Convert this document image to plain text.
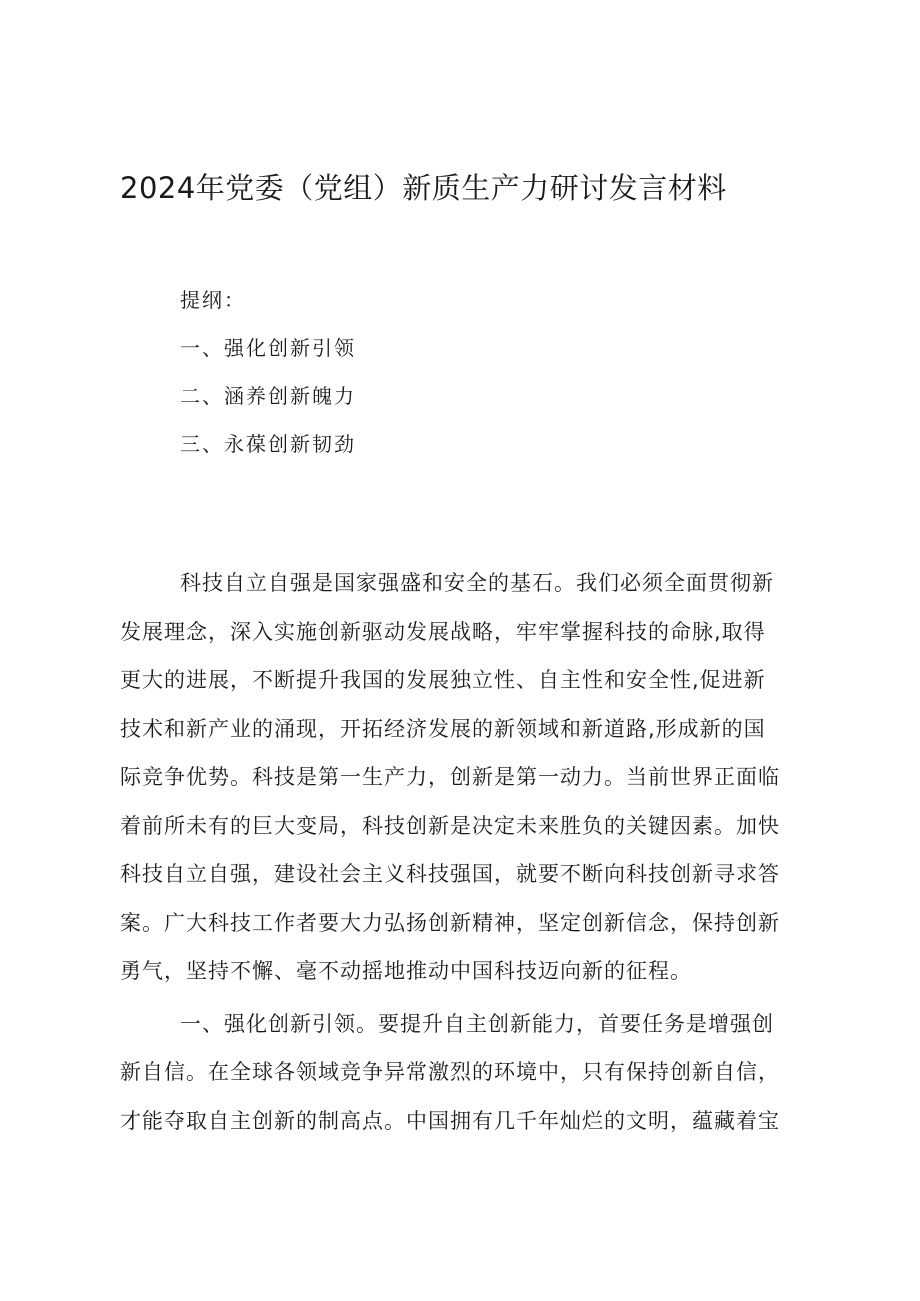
2024年党委（党组）新质生产力研讨发言材料
提纲：
一、强化创新引领
二、涵养创新魄力
三、永葆创新韧劲
科技自立自强是国家强盛和安全的基石。我们必须全面贯彻新
发展理念，深入实施创新驱动发展战略，牢牢掌握科技的命脉,取得
更大的进展，不断提升我国的发展独立性、自主性和安全性,促进新
技术和新产业的涌现，开拓经济发展的新领域和新道路,形成新的国
际竞争优势。科技是第一生产力，创新是第一动力。当前世界正面临
着前所未有的巨大变局，科技创新是决定未来胜负的关键因素。加快
科技自立自强，建设社会主义科技强国，就要不断向科技创新寻求答
案。广大科技工作者要大力弘扬创新精神，坚定创新信念，保持创新
勇气，坚持不懈、毫不动摇地推动中国科技迈向新的征程。
一、强化创新引领。要提升自主创新能力，首要任务是增强创
新自信。在全球各领域竞争异常激烈的环境中，只有保持创新自信，
才能夺取自主创新的制高点。中国拥有几千年灿烂的文明，蕴藏着宝
